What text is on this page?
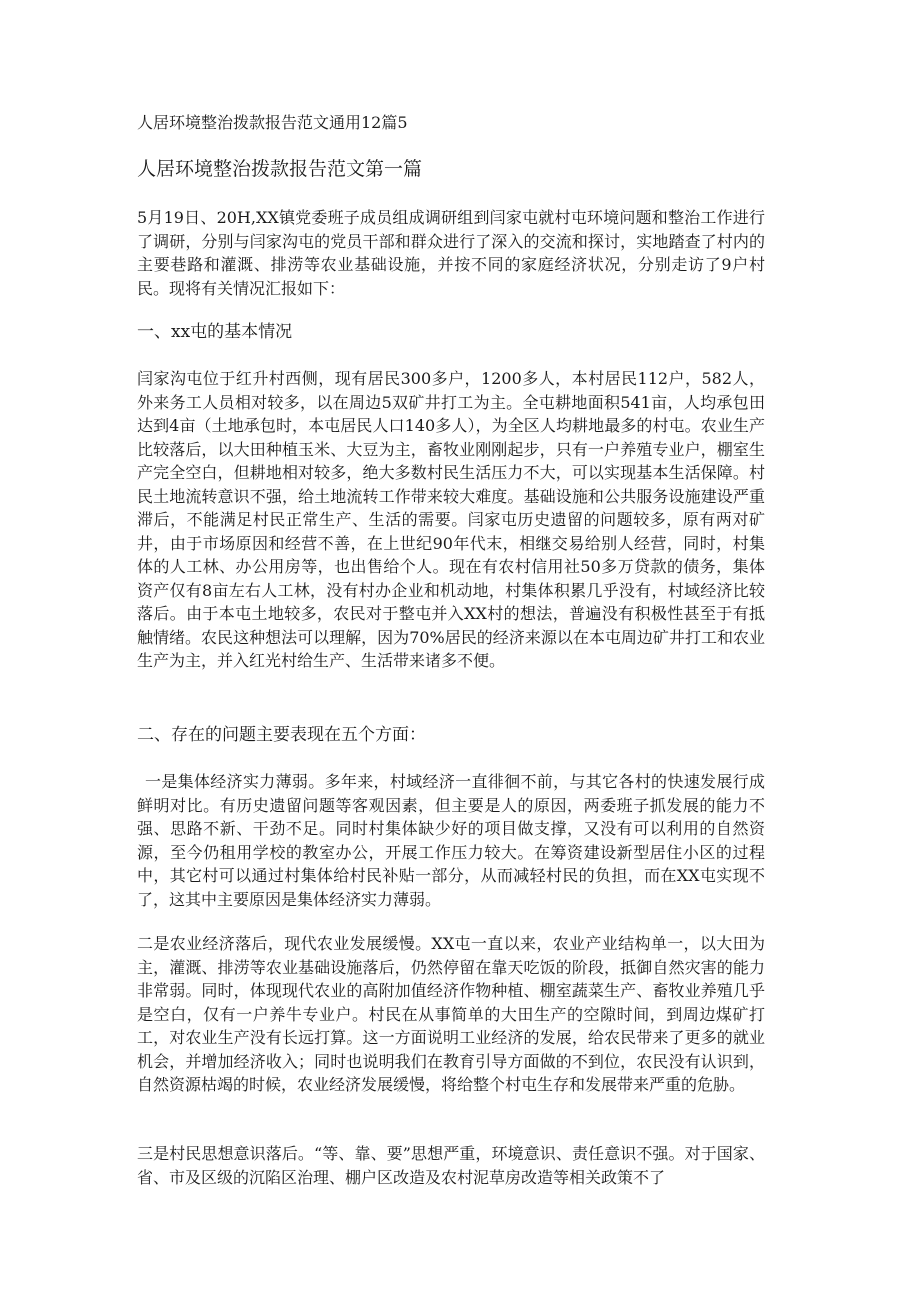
人居环境整治拨款报告范文通用12篇5
人居环境整治拨款报告范文第一篇

5月19日、20H,XX镇党委班子成员组成调研组到闫家屯就村屯环境问题和整治工作进行了调研，分别与闫家沟屯的党员干部和群众进行了深入的交流和探讨，实地踏查了村内的主要巷路和灌溉、排涝等农业基础设施，并按不同的家庭经济状况，分别走访了9户村民。现将有关情况汇报如下：

一、xx屯的基本情况

闫家沟屯位于红升村西侧，现有居民300多户，1200多人，本村居民112户，582人，外来务工人员相对较多，以在周边5双矿井打工为主。全屯耕地面积541亩，人均承包田达到4亩（土地承包时，本屯居民人口140多人），为全区人均耕地最多的村屯。农业生产比较落后，以大田种植玉米、大豆为主，畜牧业刚刚起步，只有一户养殖专业户，棚室生产完全空白，但耕地相对较多，绝大多数村民生活压力不大，可以实现基本生活保障。村民土地流转意识不强，给土地流转工作带来较大难度。基础设施和公共服务设施建设严重滞后，不能满足村民正常生产、生活的需要。闫家屯历史遗留的问题较多，原有两对矿井，由于市场原因和经营不善，在上世纪90年代末，相继交易给别人经营，同时，村集体的人工林、办公用房等，也出售给个人。现在有农村信用社50多万贷款的债务，集体资产仅有8亩左右人工林，没有村办企业和机动地，村集体积累几乎没有，村域经济比较落后。由于本屯土地较多，农民对于整屯并入XX村的想法，普遍没有积极性甚至于有抵触情绪。农民这种想法可以理解，因为70%居民的经济来源以在本屯周边矿井打工和农业生产为主，并入红光村给生产、生活带来诸多不便。

二、存在的问题主要表现在五个方面：

一是集体经济实力薄弱。多年来，村域经济一直徘徊不前，与其它各村的快速发展行成鲜明对比。有历史遗留问题等客观因素，但主要是人的原因，两委班子抓发展的能力不强、思路不新、干劲不足。同时村集体缺少好的项目做支撑，又没有可以利用的自然资源，至今仍租用学校的教室办公，开展工作压力较大。在筹资建设新型居住小区的过程中，其它村可以通过村集体给村民补贴一部分，从而减轻村民的负担，而在XX屯实现不了，这其中主要原因是集体经济实力薄弱。

二是农业经济落后，现代农业发展缓慢。XX屯一直以来，农业产业结构单一，以大田为主，灌溉、排涝等农业基础设施落后，仍然停留在靠天吃饭的阶段，抵御自然灾害的能力非常弱。同时，体现现代农业的高附加值经济作物种植、棚室蔬菜生产、畜牧业养殖几乎是空白，仅有一户养牛专业户。村民在从事简单的大田生产的空隙时间，到周边煤矿打工，对农业生产没有长远打算。这一方面说明工业经济的发展，给农民带来了更多的就业机会，并增加经济收入；同时也说明我们在教育引导方面做的不到位，农民没有认识到，自然资源枯竭的时候，农业经济发展缓慢，将给整个村屯生存和发展带来严重的危胁。

三是村民思想意识落后。“等、靠、要”思想严重，环境意识、责任意识不强。对于国家、省、市及区级的沉陷区治理、棚户区改造及农村泥草房改造等相关政策不了
